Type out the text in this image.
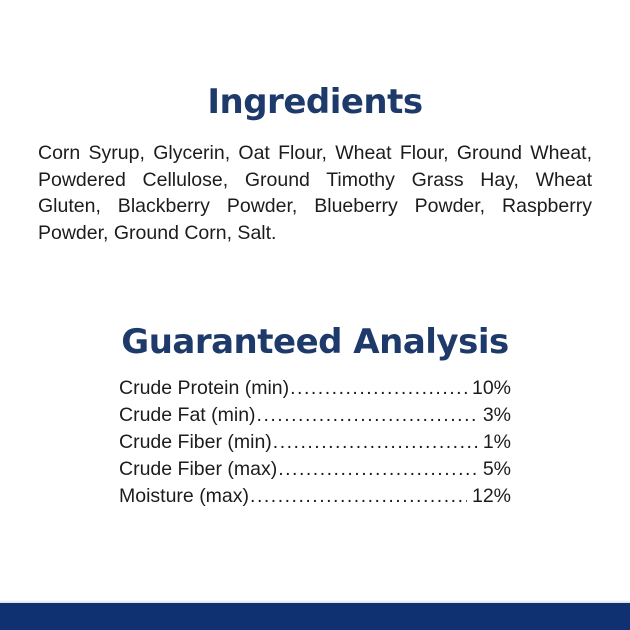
Ingredients

Corn Syrup, Glycerin, Oat Flour, Wheat Flour, Ground Wheat, Powdered Cellulose, Ground Timothy Grass Hay, Wheat Gluten, Blackberry Powder, Blueberry Powder, Raspberry Powder, Ground Corn, Salt.

Guaranteed Analysis
Crude Protein (min) .....	10%
Crude Fat (min) .....	3%
Crude Fiber (min) .....	1%
Crude Fiber (max) .....	5%
Moisture (max) .....	12%
